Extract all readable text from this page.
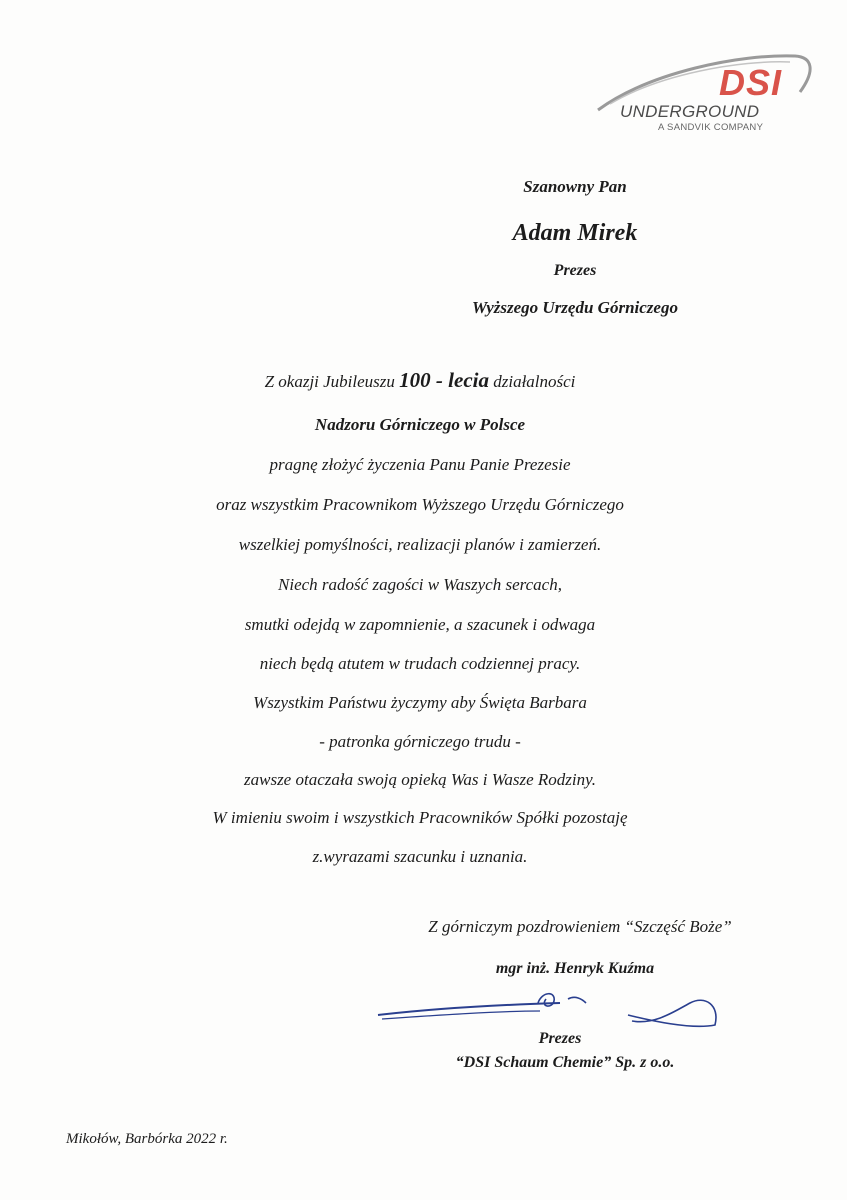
DSI
UNDERGROUND
A SANDVIK COMPANY
Szanowny Pan
Adam Mirek
Prezes
Wyższego Urzędu Górniczego
Z okazji Jubileuszu 100 - lecia działalności
Nadzoru Górniczego w Polsce
pragnę złożyć życzenia Panu Panie Prezesie
oraz wszystkim Pracownikom Wyższego Urzędu Górniczego
wszelkiej pomyślności, realizacji planów i zamierzeń.
Niech radość zagości w Waszych sercach,
smutki odejdą w zapomnienie, a szacunek i odwaga
niech będą atutem w trudach codziennej pracy.
Wszystkim Państwu życzymy aby Święta Barbara
- patronka górniczego trudu -
zawsze otaczała swoją opieką Was i Wasze Rodziny.
W imieniu swoim i wszystkich Pracowników Spółki pozostaję
z.wyrazami szacunku i uznania.
Z górniczym pozdrowieniem “Szczęść Boże”
mgr inż. Henryk Kuźma
Prezes
“DSI Schaum Chemie” Sp. z o.o.
Mikołów, Barbórka 2022 r.
